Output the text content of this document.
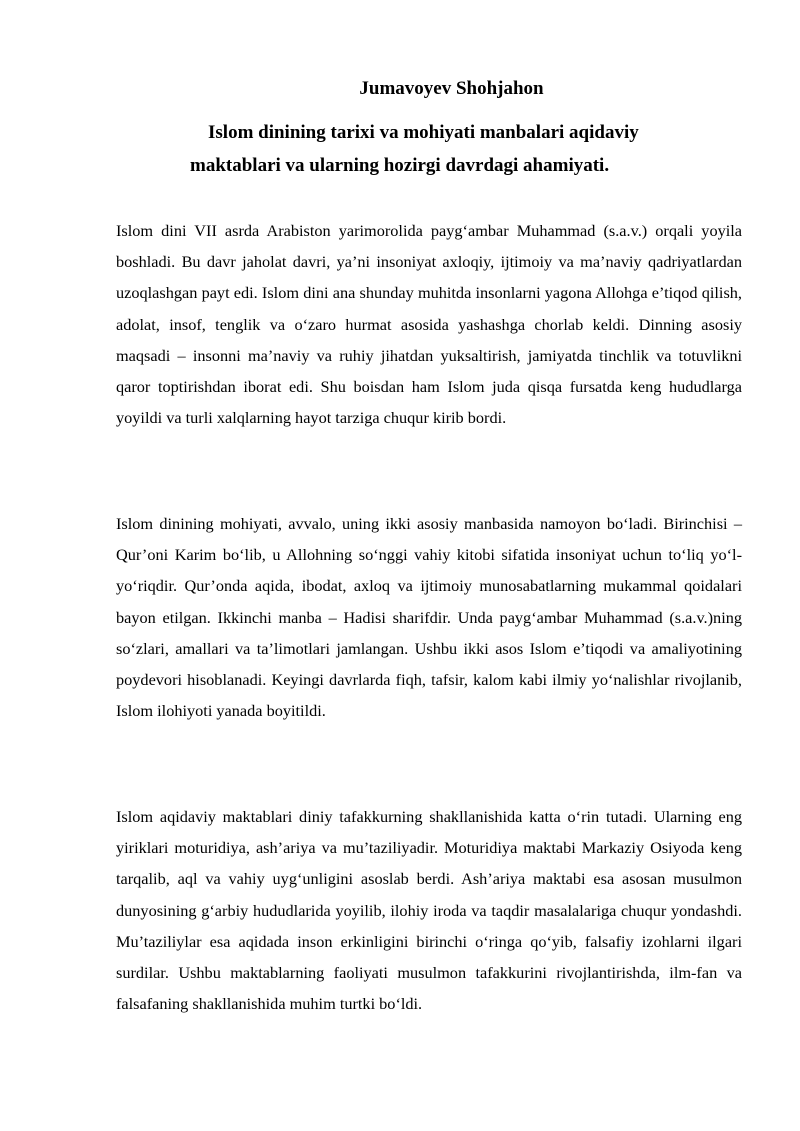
Jumavoyev Shohjahon
Islom dinining tarixi va mohiyati manbalari aqidaviy
maktablari va ularning hozirgi davrdagi ahamiyati.

Islom dini VII asrda Arabiston yarimorolida payg‘ambar Muhammad (s.a.v.) orqali yoyila boshladi. Bu davr jaholat davri, ya’ni insoniyat axloqiy, ijtimoiy va ma’naviy qadriyatlardan uzoqlashgan payt edi. Islom dini ana shunday muhitda insonlarni yagona Allohga e’tiqod qilish, adolat, insof, tenglik va o‘zaro hurmat asosida yashashga chorlab keldi. Dinning asosiy maqsadi – insonni ma’naviy va ruhiy jihatdan yuksaltirish, jamiyatda tinchlik va totuvlikni qaror toptirishdan iborat edi. Shu boisdan ham Islom juda qisqa fursatda keng hududlarga yoyildi va turli xalqlarning hayot tarziga chuqur kirib bordi.

Islom dinining mohiyati, avvalo, uning ikki asosiy manbasida namoyon bo‘ladi. Birinchisi – Qur’oni Karim bo‘lib, u Allohning so‘nggi vahiy kitobi sifatida insoniyat uchun to‘liq yo‘l-yo‘riqdir. Qur’onda aqida, ibodat, axloq va ijtimoiy munosabatlarning mukammal qoidalari bayon etilgan. Ikkinchi manba – Hadisi sharifdir. Unda payg‘ambar Muhammad (s.a.v.)ning so‘zlari, amallari va ta’limotlari jamlangan. Ushbu ikki asos Islom e’tiqodi va amaliyotining poydevori hisoblanadi. Keyingi davrlarda fiqh, tafsir, kalom kabi ilmiy yo‘nalishlar rivojlanib, Islom ilohiyoti yanada boyitildi.

Islom aqidaviy maktablari diniy tafakkurning shakllanishida katta o‘rin tutadi. Ularning eng yiriklari moturidiya, ash’ariya va mu’taziliyadir. Moturidiya maktabi Markaziy Osiyoda keng tarqalib, aql va vahiy uyg‘unligini asoslab berdi. Ash’ariya maktabi esa asosan musulmon dunyosining g‘arbiy hududlarida yoyilib, ilohiy iroda va taqdir masalalariga chuqur yondashdi. Mu’taziliylar esa aqidada inson erkinligini birinchi o‘ringa qo‘yib, falsafiy izohlarni ilgari surdilar. Ushbu maktablarning faoliyati musulmon tafakkurini rivojlantirishda, ilm-fan va falsafaning shakllanishida muhim turtki bo‘ldi.
